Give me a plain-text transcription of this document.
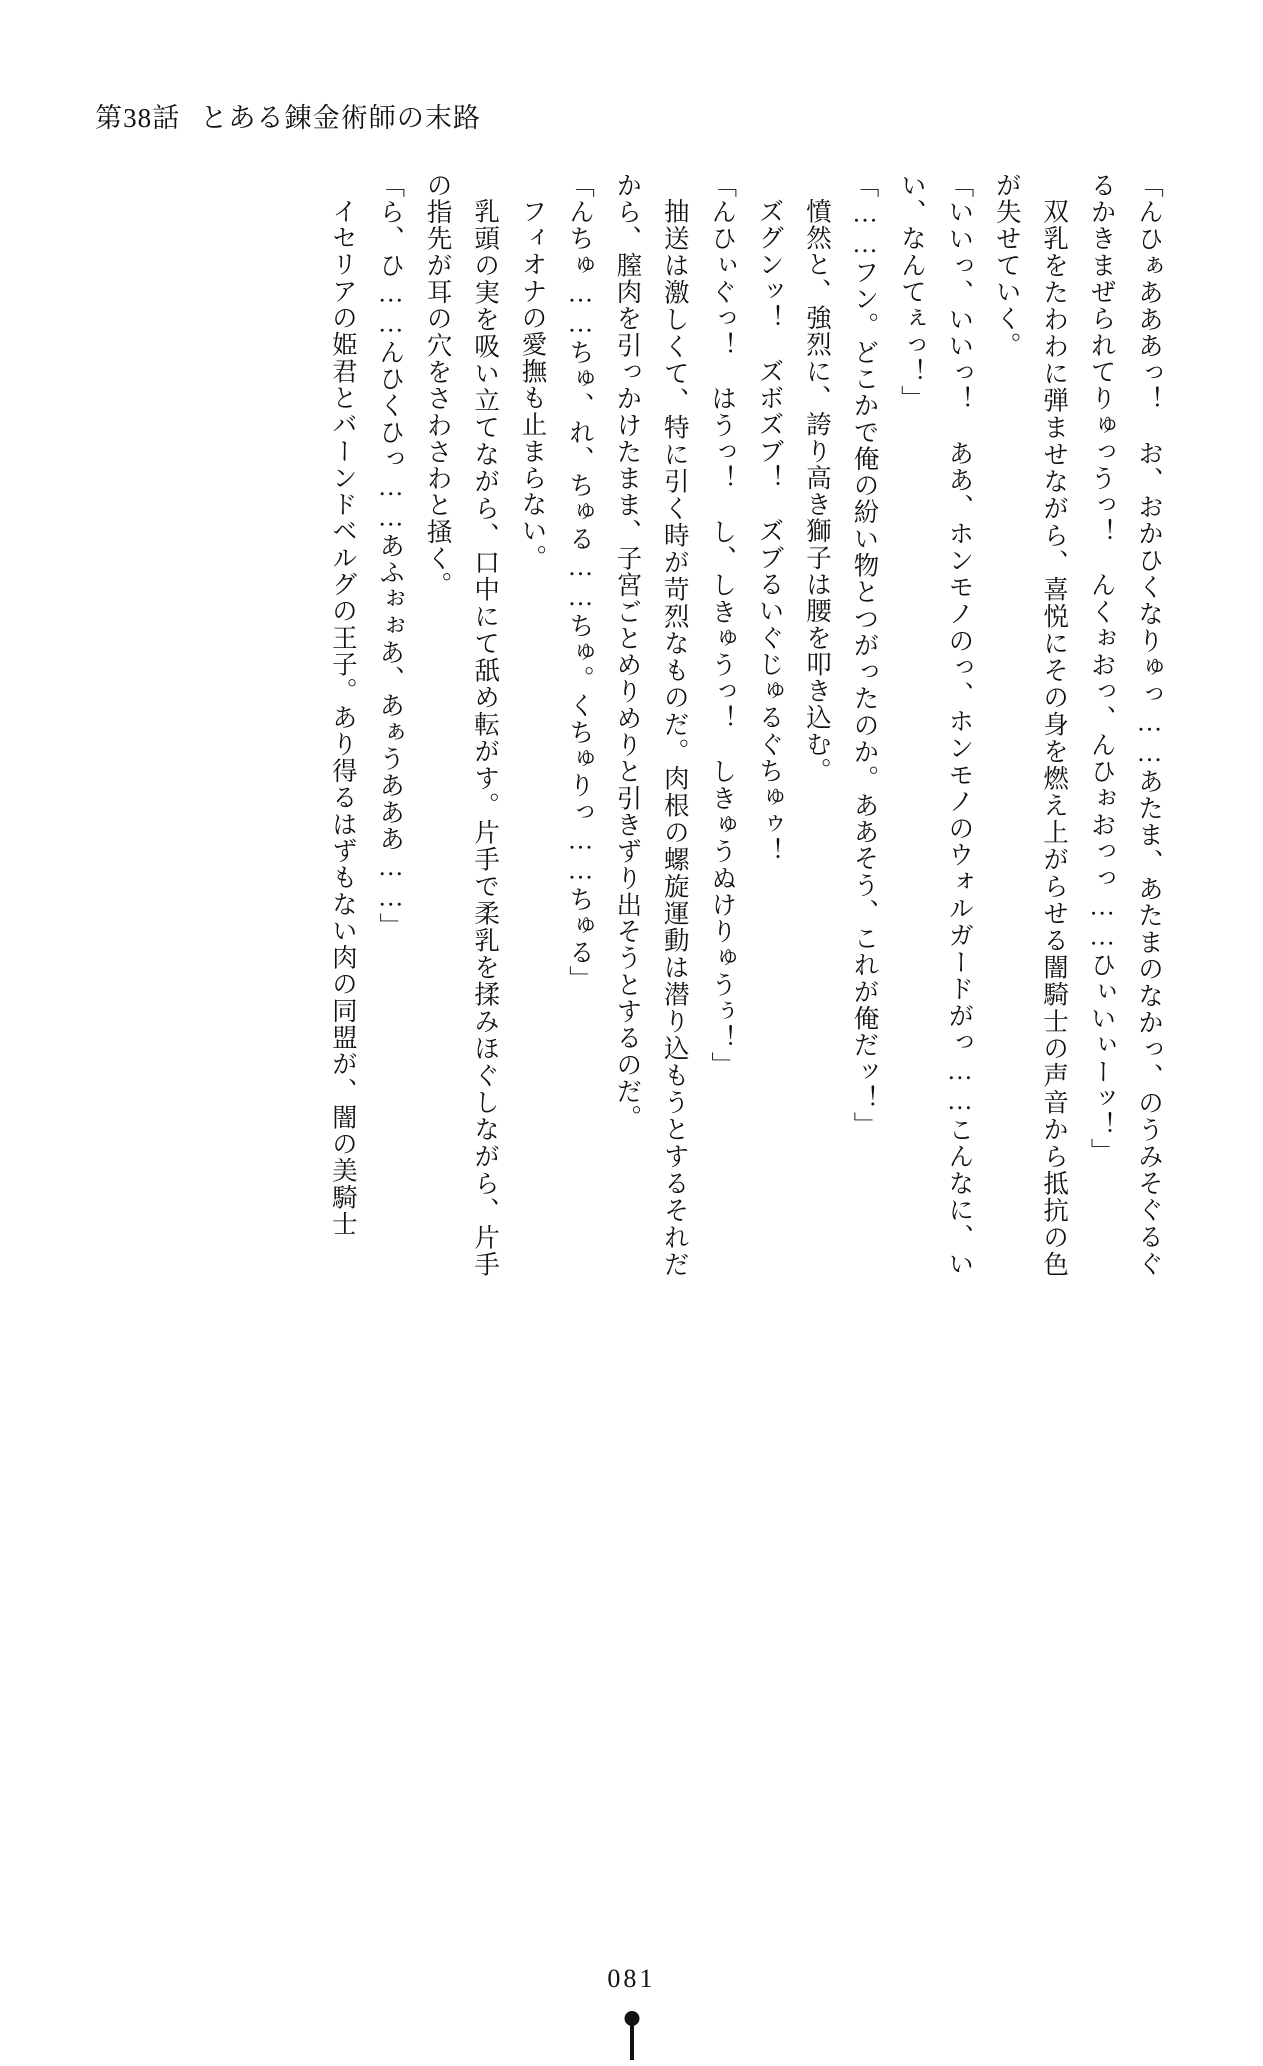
第38話 とある錬金術師の末路

「んひぁあああっ！　お、おかひくなりゅっ……あたま、あたまのなかっ、のうみそぐるぐるかきまぜられてりゅっうっ！　んくぉおっ、んひぉおっっ……ひぃいぃーッ！」

双乳をたわわに弾ませながら、喜悦にその身を燃え上がらせる闇騎士の声音から抵抗の色が失せていく。

「いいっ、いいっ！　ああ、ホンモノのっ、ホンモノのウォルガードがっ……こんなに、いい、なんてぇっ！」

「……フン。どこかで俺の紛い物とつがったのか。ああそう、これが俺だッ！」

憤然と、強烈に、誇り高き獅子は腰を叩き込む。

ズグンッ！　ズボズブ！　ズブるいぐじゅるぐちゅゥ！

「んひぃぐっ！　はうっ！　し、しきゅうっ！　しきゅうぬけりゅうぅ！」

抽送は激しくて、特に引く時が苛烈なものだ。肉根の螺旋運動は潜り込もうとするそれだから、膣肉を引っかけたまま、子宮ごとめりめりと引きずり出そうとするのだ。

「んちゅ……ちゅ、れ、ちゅる……ちゅ。くちゅりっ……ちゅる」

フィオナの愛撫も止まらない。

乳頭の実を吸い立てながら、口中にて舐め転がす。片手で柔乳を揉みほぐしながら、片手の指先が耳の穴をさわさわと掻く。

「ら、ひ……んひくひっ……あふぉぉあ、あぁうあああ……」

イセリアの姫君とバーンドベルグの王子。あり得るはずもない肉の同盟が、闇の美騎士

081
